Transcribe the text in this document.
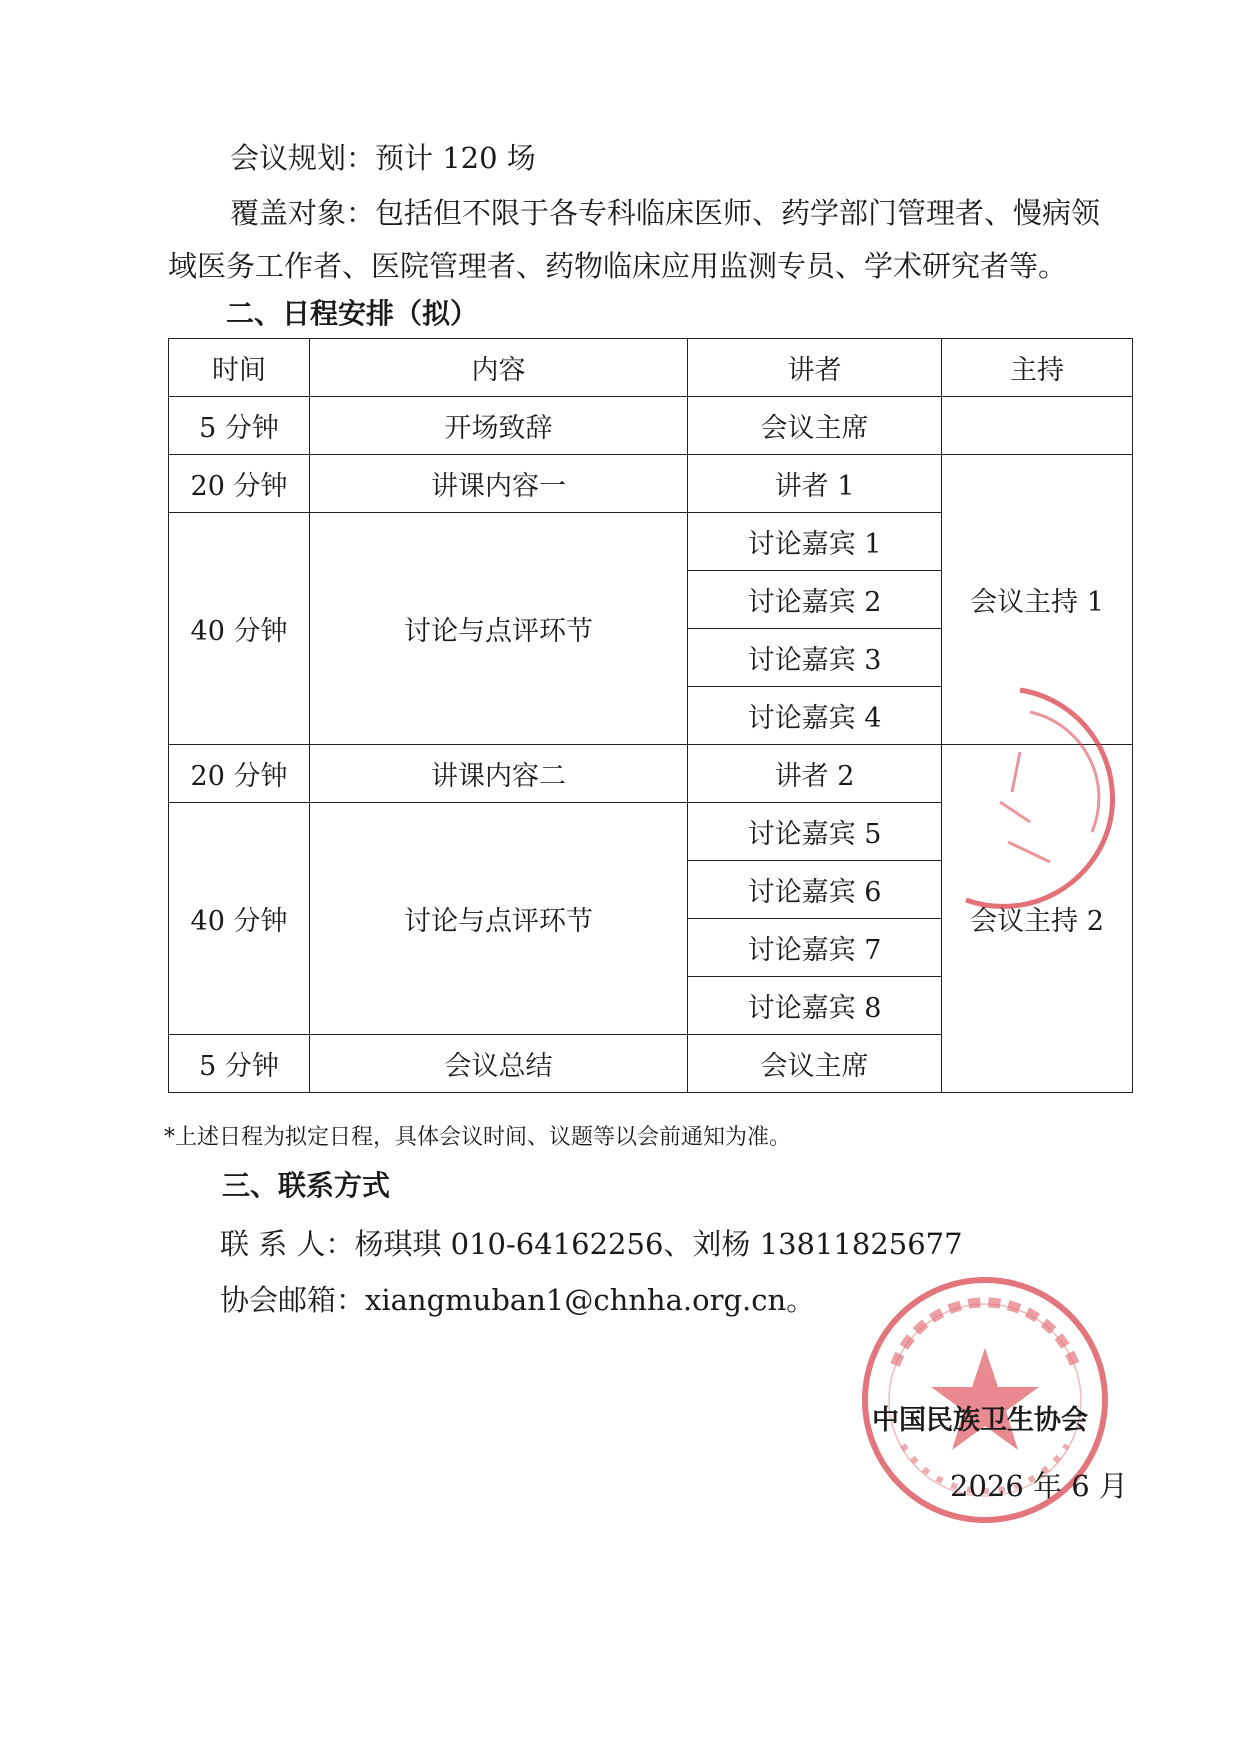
会议规划：预计 120 场
覆盖对象：包括但不限于各专科临床医师、药学部门管理者、慢病领
域医务工作者、医院管理者、药物临床应用监测专员、学术研究者等。
二、日程安排（拟）
时间	内容	讲者	主持
5 分钟	开场致辞	会议主席	
20 分钟	讲课内容一	讲者 1	会议主持 1
40 分钟	讨论与点评环节	讨论嘉宾 1	
		讨论嘉宾 2	
		讨论嘉宾 3	
		讨论嘉宾 4	
20 分钟	讲课内容二	讲者 2	会议主持 2
40 分钟	讨论与点评环节	讨论嘉宾 5	
		讨论嘉宾 6	
		讨论嘉宾 7	
		讨论嘉宾 8	
5 分钟	会议总结	会议主席	
*上述日程为拟定日程，具体会议时间、议题等以会前通知为准。
三、联系方式
联 系 人：杨琪琪 010-64162256、刘杨 13811825677
协会邮箱：xiangmuban1@chnha.org.cn。
中国民族卫生协会
2026 年 6 月
